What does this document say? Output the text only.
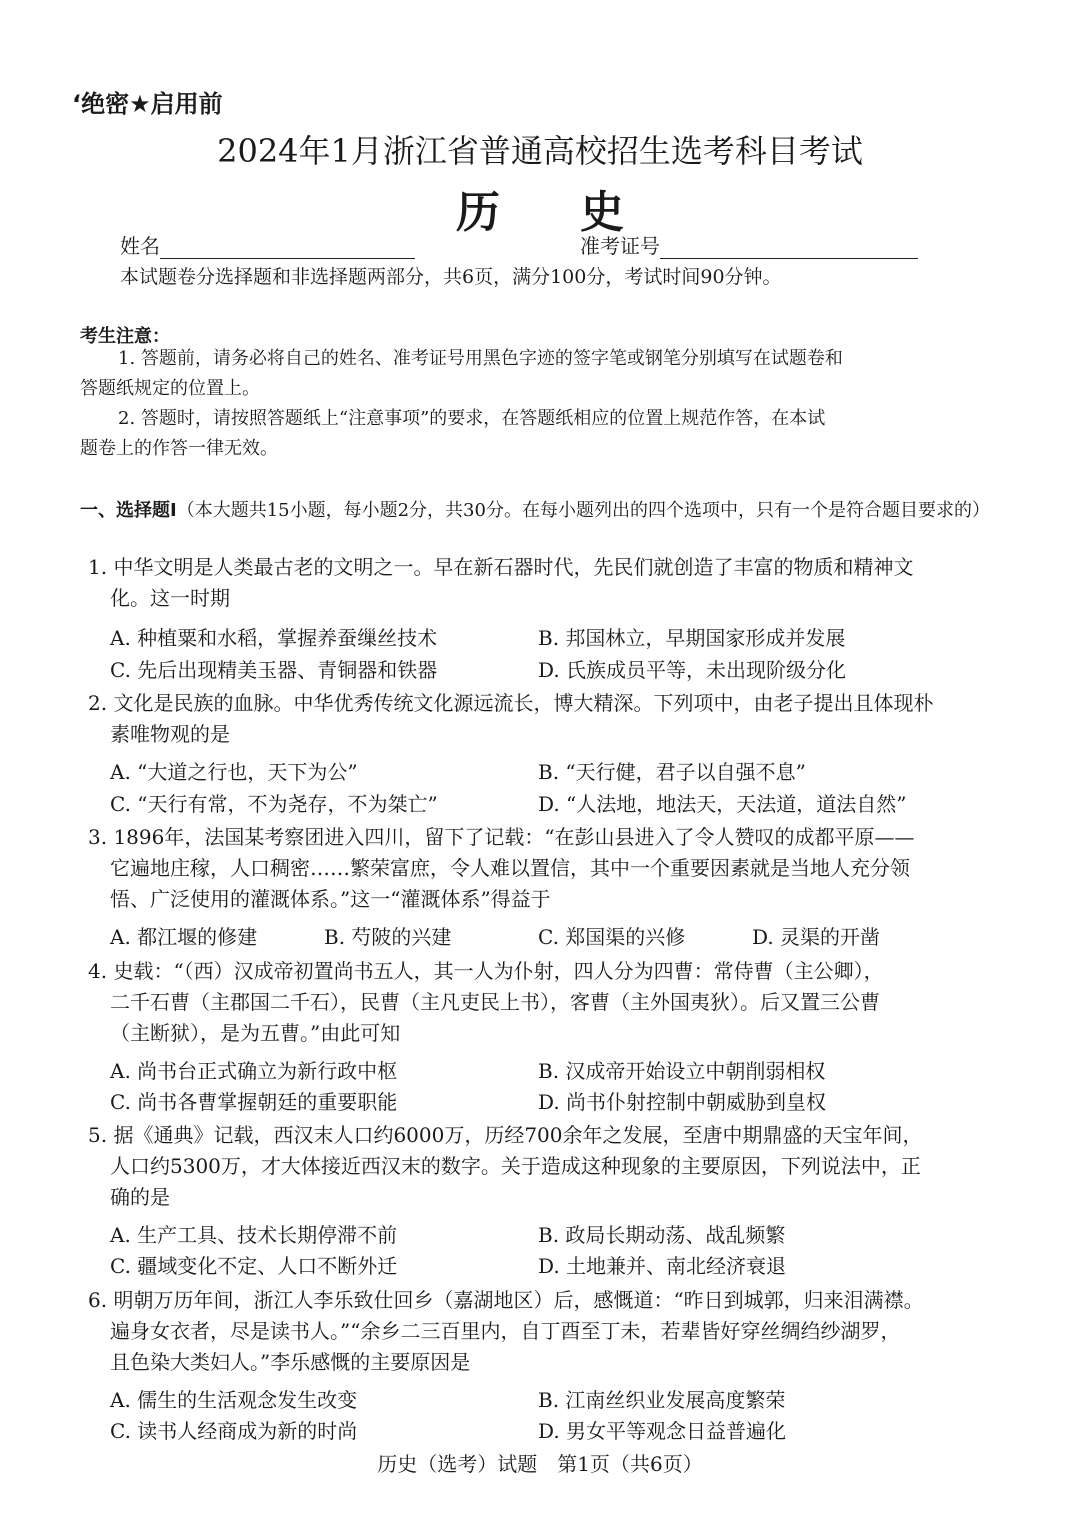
‘绝密★启用前
2024年1月浙江省普通高校招生选考科目考试
历史
姓名	准考证号
本试题卷分选择题和非选择题两部分，共6页，满分100分，考试时间90分钟。
考生注意：
1. 答题前，请务必将自己的姓名、准考证号用黑色字迹的签字笔或钢笔分别填写在试题卷和
答题纸规定的位置上。
2. 答题时，请按照答题纸上“注意事项”的要求，在答题纸相应的位置上规范作答，在本试
题卷上的作答一律无效。
一、选择题Ⅰ（本大题共15小题，每小题2分，共30分。在每小题列出的四个选项中，只有一个是符合题目要求的）
1. 中华文明是人类最古老的文明之一。早在新石器时代，先民们就创造了丰富的物质和精神文
化。这一时期
A. 种植粟和水稻，掌握养蚕缫丝技术	B. 邦国林立，早期国家形成并发展
C. 先后出现精美玉器、青铜器和铁器	D. 氏族成员平等，未出现阶级分化
2. 文化是民族的血脉。中华优秀传统文化源远流长，博大精深。下列项中，由老子提出且体现朴
素唯物观的是
A. “大道之行也，天下为公”	B. “天行健，君子以自强不息”
C. “天行有常，不为尧存，不为桀亡”	D. “人法地，地法天，天法道，道法自然”
3. 1896年，法国某考察团进入四川，留下了记载：“在彭山县进入了令人赞叹的成都平原——
它遍地庄稼，人口稠密……繁荣富庶，令人难以置信，其中一个重要因素就是当地人充分领
悟、广泛使用的灌溉体系。”这一“灌溉体系”得益于
A. 都江堰的修建	B. 芍陂的兴建	C. 郑国渠的兴修	D. 灵渠的开凿
4. 史载：“（西）汉成帝初置尚书五人，其一人为仆射，四人分为四曹：常侍曹（主公卿），
二千石曹（主郡国二千石），民曹（主凡吏民上书），客曹（主外国夷狄）。后又置三公曹
（主断狱），是为五曹。”由此可知
A. 尚书台正式确立为新行政中枢	B. 汉成帝开始设立中朝削弱相权
C. 尚书各曹掌握朝廷的重要职能	D. 尚书仆射控制中朝威胁到皇权
5. 据《通典》记载，西汉末人口约6000万，历经700余年之发展，至唐中期鼎盛的天宝年间，
人口约5300万，才大体接近西汉末的数字。关于造成这种现象的主要原因，下列说法中，正
确的是
A. 生产工具、技术长期停滞不前	B. 政局长期动荡、战乱频繁
C. 疆域变化不定、人口不断外迁	D. 土地兼并、南北经济衰退
6. 明朝万历年间，浙江人李乐致仕回乡（嘉湖地区）后，感慨道：“昨日到城郭，归来泪满襟。
遍身女衣者，尽是读书人。”“余乡二三百里内，自丁酉至丁未，若辈皆好穿丝绸绉纱湖罗，
且色染大类妇人。”李乐感慨的主要原因是
A. 儒生的生活观念发生改变	B. 江南丝织业发展高度繁荣
C. 读书人经商成为新的时尚	D. 男女平等观念日益普遍化
历史（选考）试题　第1页（共6页）
